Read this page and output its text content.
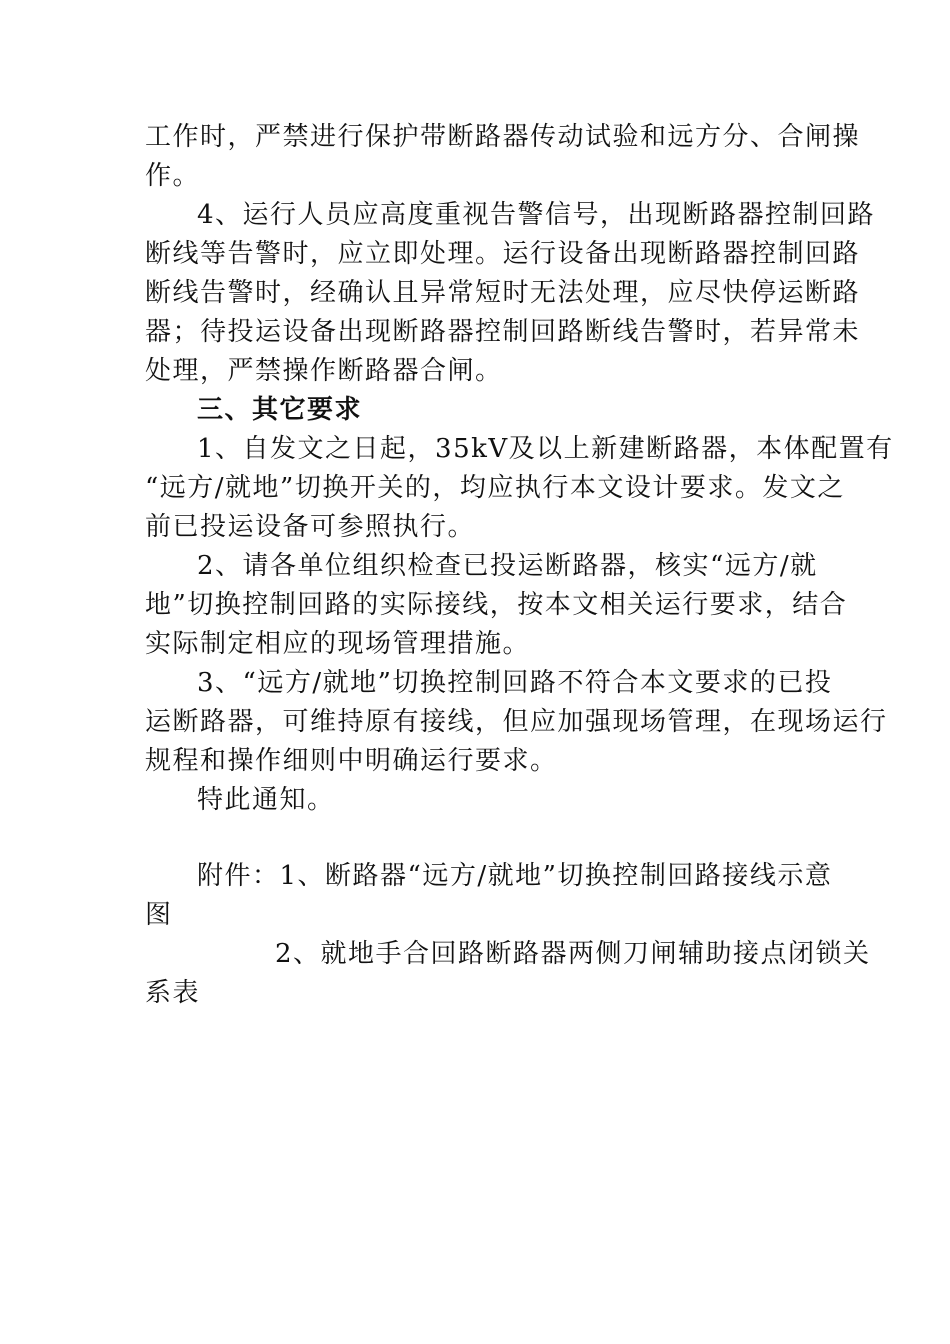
工作时，严禁进行保护带断路器传动试验和远方分、合闸操
作。
4、运行人员应高度重视告警信号，出现断路器控制回路
断线等告警时，应立即处理。运行设备出现断路器控制回路
断线告警时，经确认且异常短时无法处理，应尽快停运断路
器；待投运设备出现断路器控制回路断线告警时，若异常未
处理，严禁操作断路器合闸。
三、其它要求
1、自发文之日起，35kV及以上新建断路器，本体配置有
“远方/就地”切换开关的，均应执行本文设计要求。发文之
前已投运设备可参照执行。
2、请各单位组织检查已投运断路器，核实“远方/就
地”切换控制回路的实际接线，按本文相关运行要求，结合
实际制定相应的现场管理措施。
3、“远方/就地”切换控制回路不符合本文要求的已投
运断路器，可维持原有接线，但应加强现场管理，在现场运行
规程和操作细则中明确运行要求。
特此通知。
附件：1、断路器“远方/就地”切换控制回路接线示意
图
2、就地手合回路断路器两侧刀闸辅助接点闭锁关
系表
